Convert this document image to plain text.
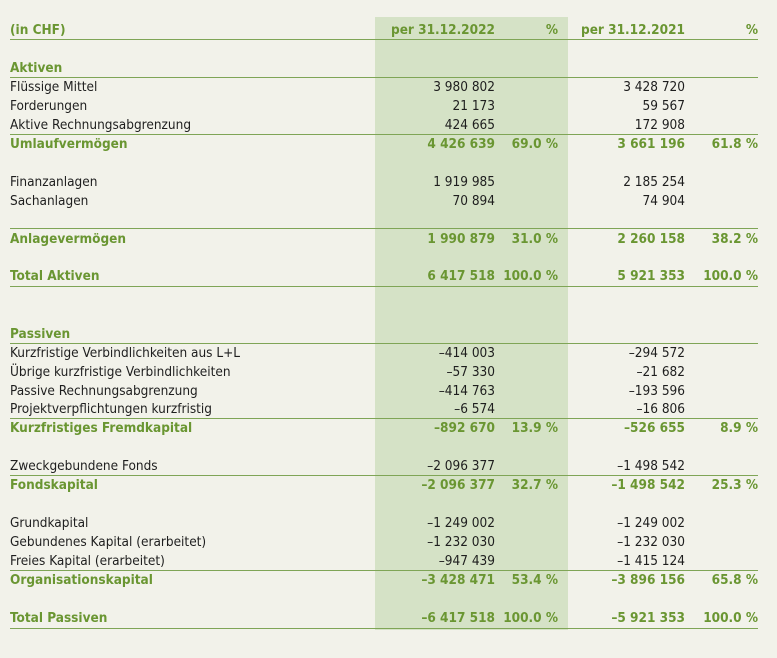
(in CHF)	per 31.12.2022	% per 31.12.2021	%
Aktiven
Flüssige Mittel	3 980 802	3 428 720
Forderungen	21 173	59 567
Aktive Rechnungsabgrenzung	424 665	172 908
Umlaufvermögen	4 426 639 69.0 %	3 661 196 61.8 %
Finanzanlagen	1 919 985	2 185 254
Sachanlagen	70 894	74 904
Anlagevermögen	1 990 879 31.0 %	2 260 158 38.2 %
Total Aktiven	6 417 518 100.0 %	5 921 353 100.0 %
Passiven
Kurzfristige Verbindlichkeiten aus L+L	–414 003	–294 572
Übrige kurzfristige Verbindlichkeiten	–57 330	–21 682
Passive Rechnungsabgrenzung	–414 763	–193 596
Projektverpflichtungen kurzfristig	–6 574	–16 806
Kurzfristiges Fremdkapital	–892 670 13.9 %	–526 655	8.9 %
Zweckgebundene Fonds	–2 096 377	–1 498 542
Fondskapital	–2 096 377 32.7 %	–1 498 542 25.3 %
Grundkapital	–1 249 002	–1 249 002
Gebundenes Kapital (erarbeitet)	–1 232 030	–1 232 030
Freies Kapital (erarbeitet)	–947 439	–1 415 124
Organisationskapital	–3 428 471 53.4 %	–3 896 156 65.8 %
Total Passiven	–6 417 518 100.0 %	–5 921 353 100.0 %
